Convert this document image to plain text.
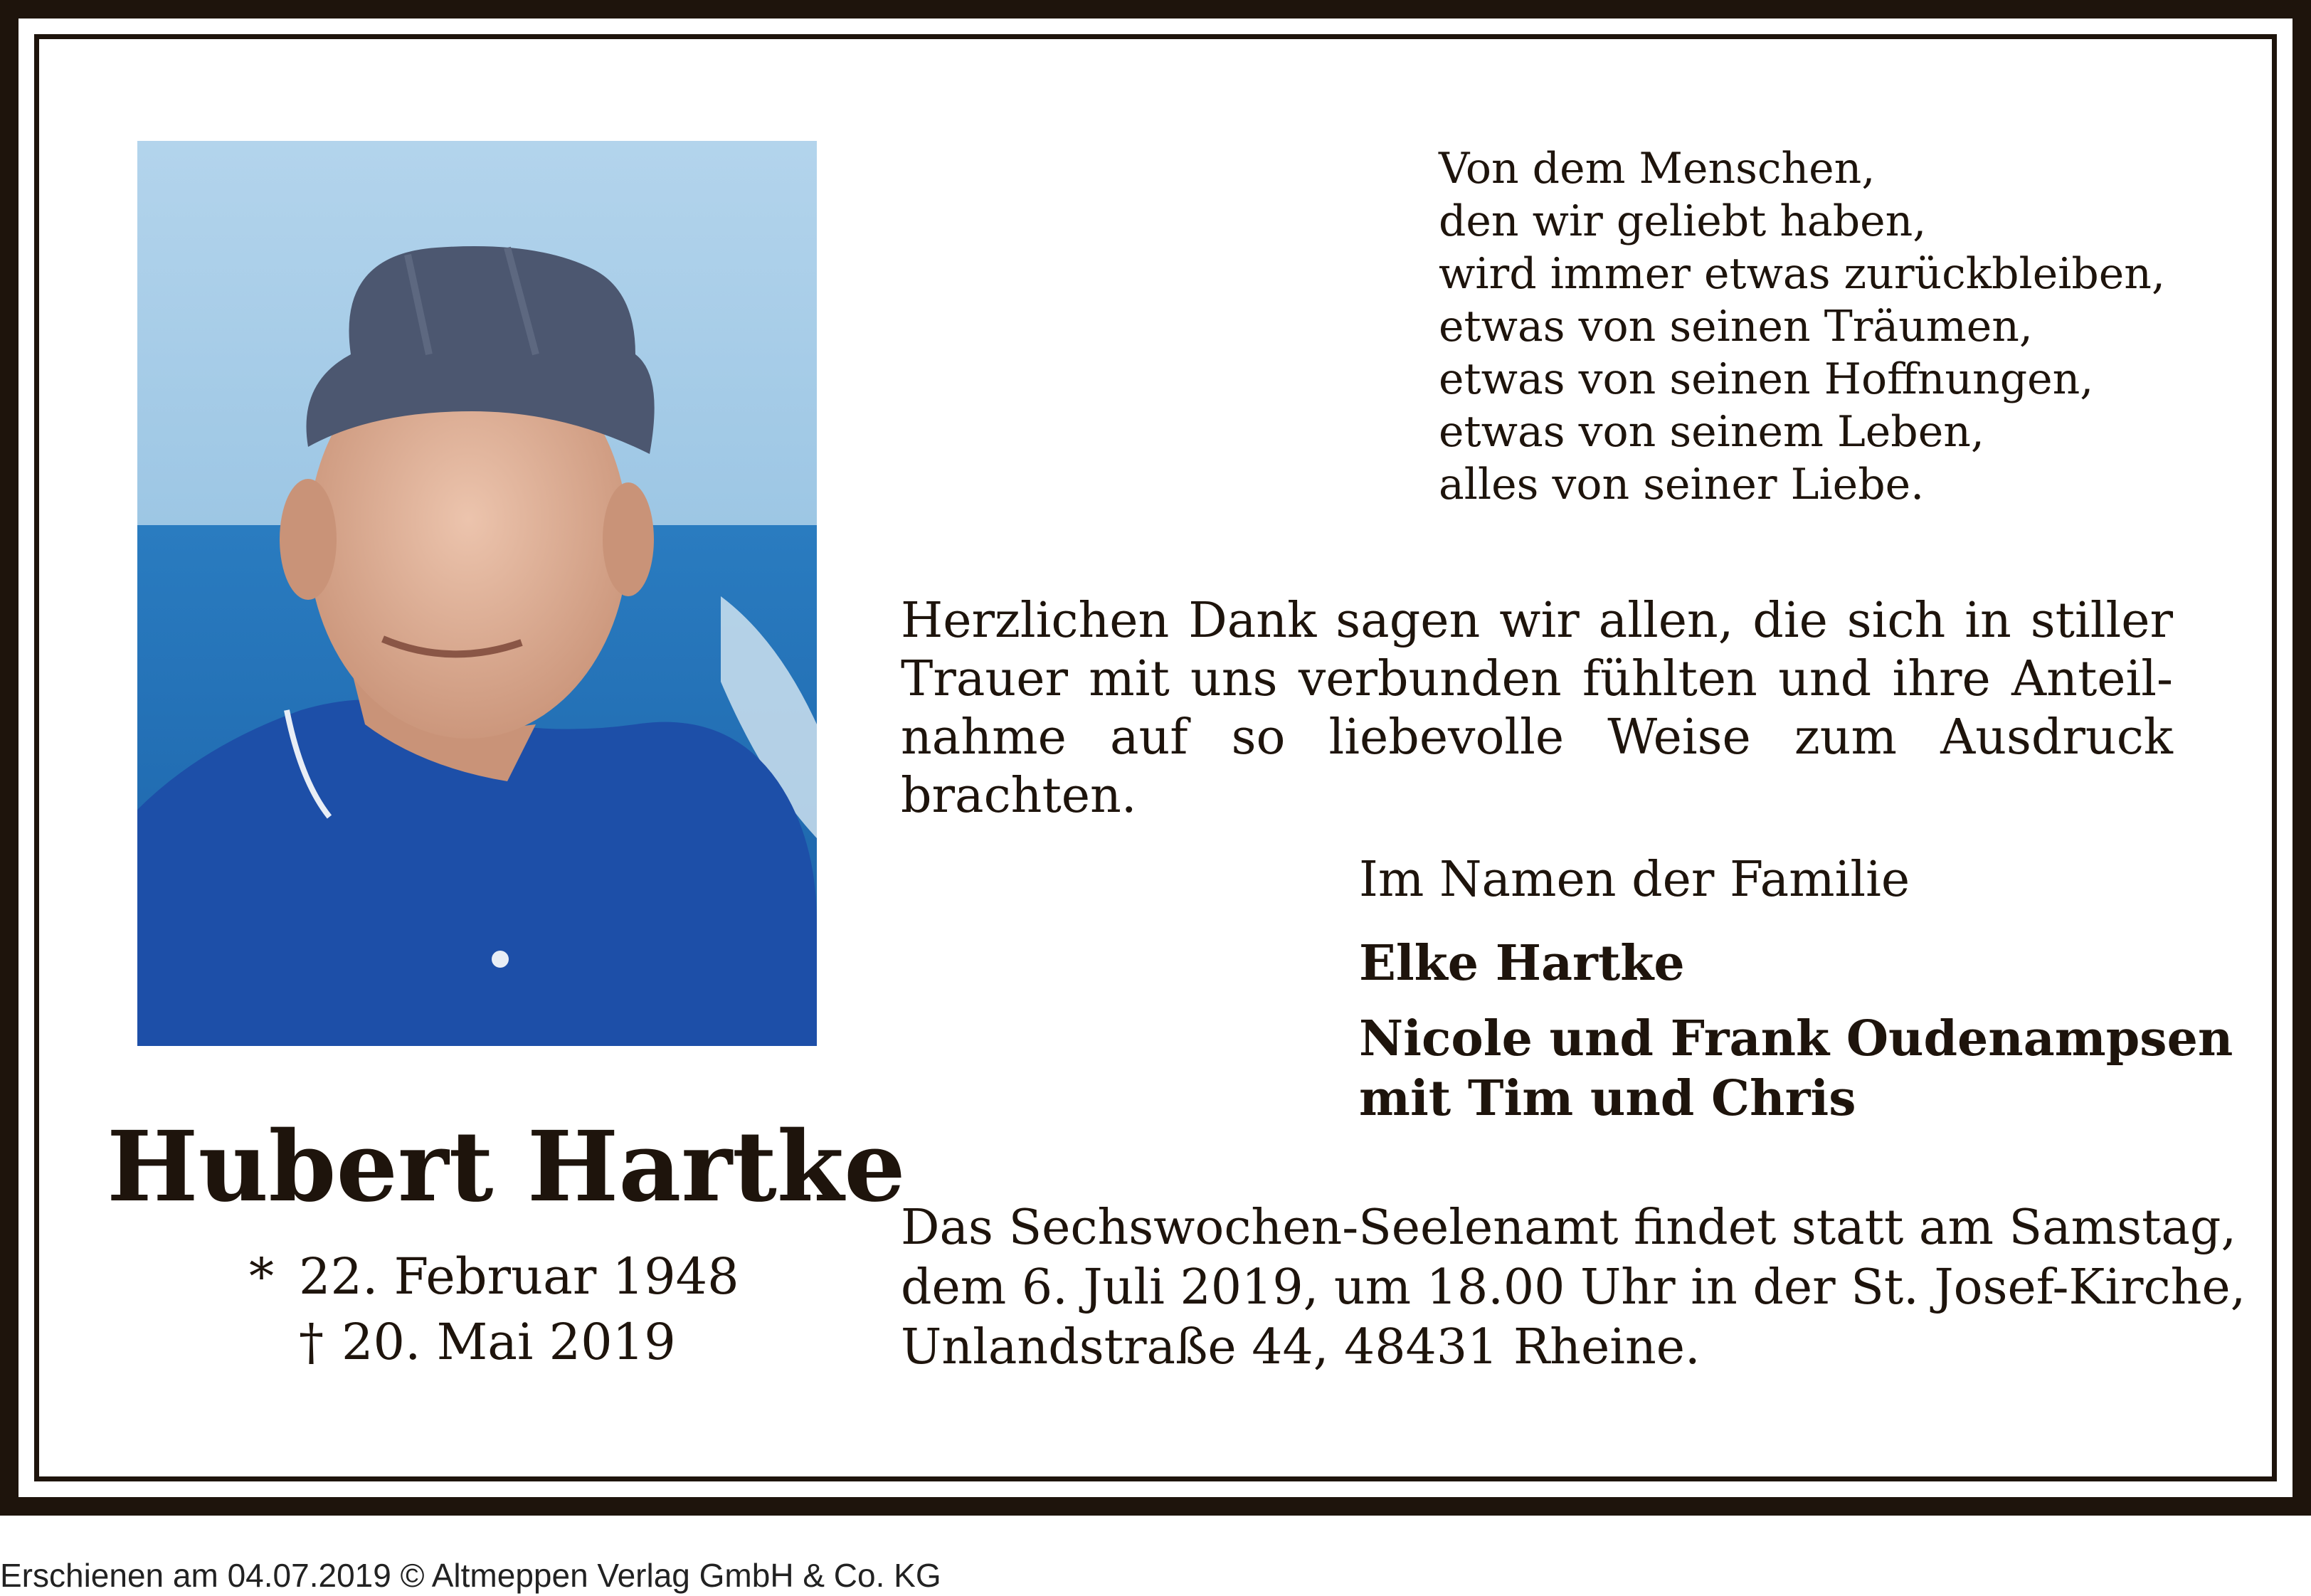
Hubert Hartke
* 22. Februar 1948
† 20. Mai 2019
Von dem Menschen,
den wir geliebt haben,
wird immer etwas zurückbleiben,
etwas von seinen Träumen,
etwas von seinen Hoffnungen,
etwas von seinem Leben,
alles von seiner Liebe.
Herzlichen Dank sagen wir allen, die sich in stiller
Trauer mit uns verbunden fühlten und ihre Anteil-
nahme auf so liebevolle Weise zum Ausdruck
brachten.
Im Namen der Familie
Elke Hartke
Nicole und Frank Oudenampsen
mit Tim und Chris
Das Sechswochen-Seelenamt findet statt am Samstag,
dem 6. Juli 2019, um 18.00 Uhr in der St. Josef-Kirche,
Unlandstraße 44, 48431 Rheine.
Erschienen am 04.07.2019 © Altmeppen Verlag GmbH & Co. KG
